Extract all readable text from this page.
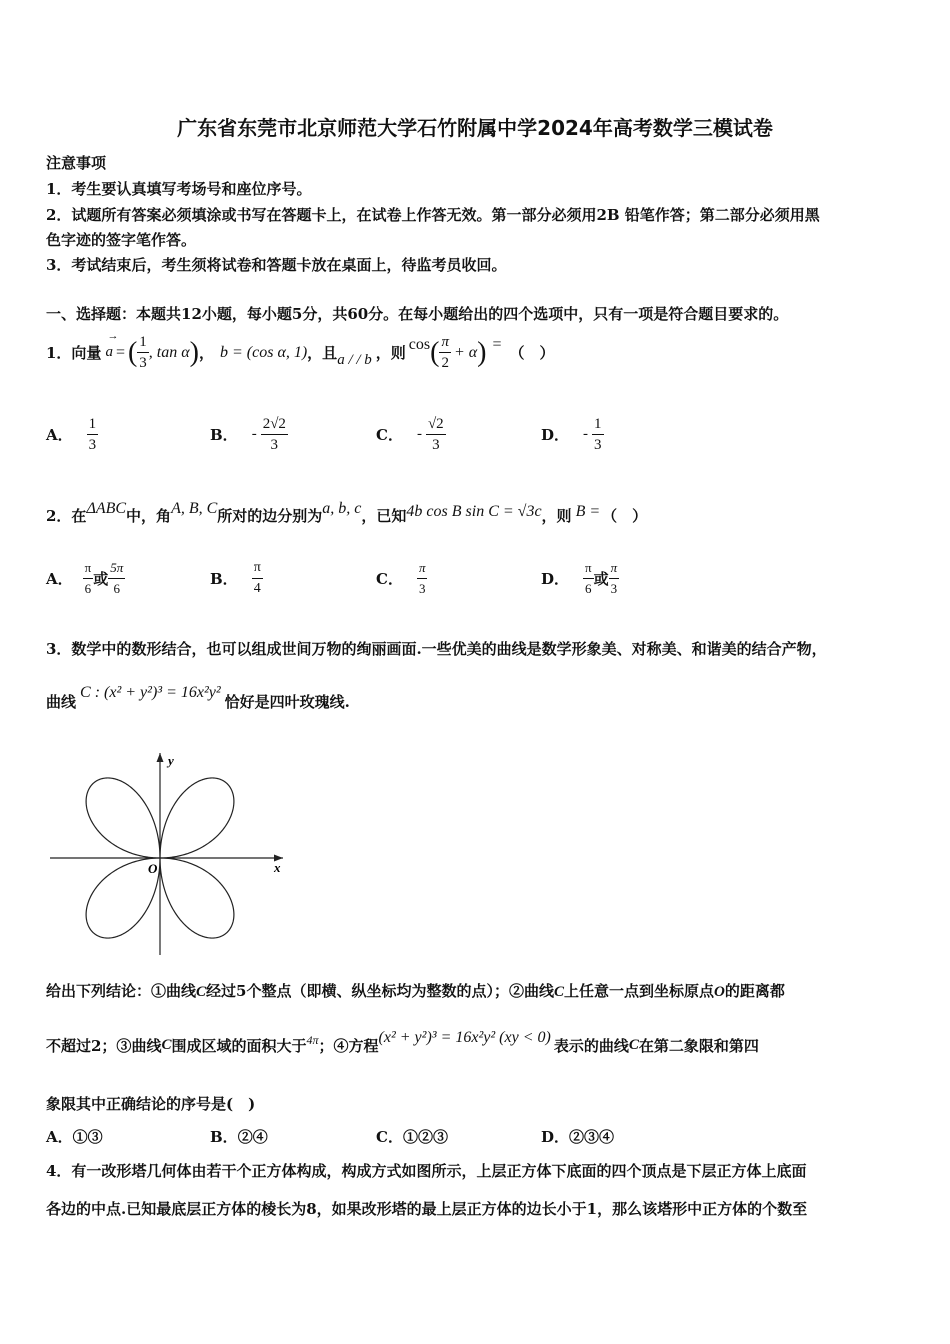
广东省东莞市北京师范大学石竹附属中学2024年高考数学三模试卷
注意事项
1．考生要认真填写考场号和座位序号。
2．试题所有答案必须填涂或书写在答题卡上，在试卷上作答无效。第一部分必须用2B 铅笔作答；第二部分必须用黑
色字迹的签字笔作答。
3．考试结束后，考生须将试卷和答题卡放在桌面上，待监考员收回。
一、选择题：本题共12小题，每小题5分，共60分。在每小题给出的四个选项中，只有一项是符合题目要求的。
1．向量
→
a = ( $\frac{1}{3}$ , tan α ) ， b = (cos α, 1) ，且 a / / b ，则 cos ( $\frac{\pi}{2} + \alpha$ ) = （　）
A． $\frac{1}{3}$	B． - $\frac{2√2}{3}$	C． - $\frac{√2}{3}$	D． - $\frac{1}{3}$
2．在 ΔABC 中，角 A, B, C 所对的边分别为 a, b, c ，已知 4b cos B sin C = √3c ，则 B = （　）
A． $\frac{\pi}{6}$ 或 $\frac{5\pi}{6}$	B． $\frac{\pi}{4}$	C． $\frac{\pi}{3}$	D． $\frac{\pi}{6}$ 或 $\frac{\pi}{3}$
3．数学中的数形结合，也可以组成世间万物的绚丽画面.一些优美的曲线是数学形象美、对称美、和谐美的结合产物，
曲线 C : (x² + y²)³ = 16x²y² 恰好是四叶玫瑰线.
y
x
O
给出下列结论：①曲线C经过5个整点（即横、纵坐标均为整数的点）；②曲线C上任意一点到坐标原点O的距离都
不超过2；③曲线 C 围成区域的面积大于 4π ；④方程 (x² + y²)³ = 16x²y² (xy < 0) 表示的曲线 C 在第二象限和第四
象限其中正确结论的序号是(　)
A．①③	B．②④	C．①②③	D．②③④
4．有一改形塔几何体由若干个正方体构成，构成方式如图所示，上层正方体下底面的四个顶点是下层正方体上底面
各边的中点.已知最底层正方体的棱长为8，如果改形塔的最上层正方体的边长小于1，那么该塔形中正方体的个数至
